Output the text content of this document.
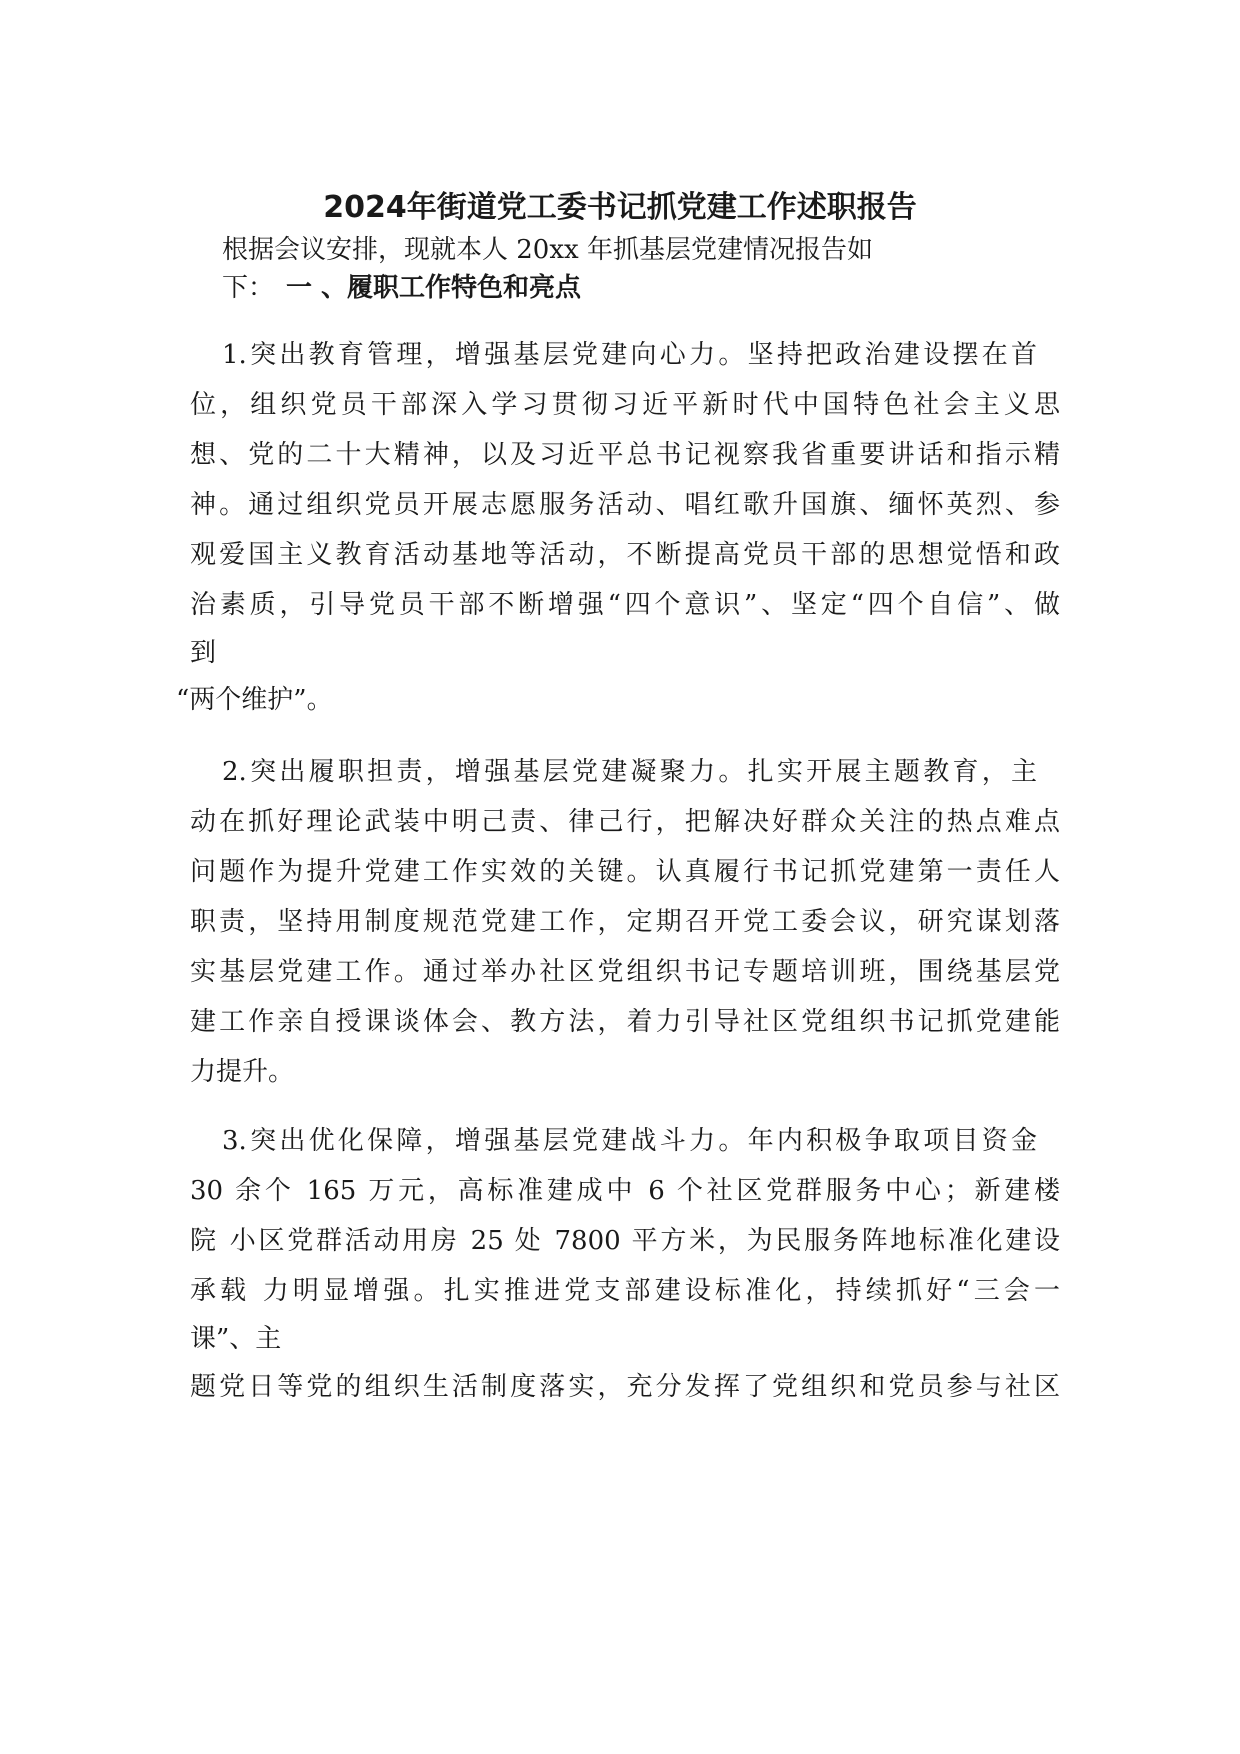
2024年街道党工委书记抓党建工作述职报告

根据会议安排，现就本人 20xx 年抓基层党建情况报告如

下： 一 、履职工作特色和亮点

1.突出教育管理，增强基层党建向心力。坚持把政治建设摆在首

位，组织党员干部深入学习贯彻习近平新时代中国特色社会主义思

想、党的二十大精神，以及习近平总书记视察我省重要讲话和指示精

神。通过组织党员开展志愿服务活动、唱红歌升国旗、缅怀英烈、参

观爱国主义教育活动基地等活动，不断提高党员干部的思想觉悟和政

治素质，引导党员干部不断增强“四个意识”、坚定“四个自信”、做

到

“两个维护”。

2.突出履职担责，增强基层党建凝聚力。扎实开展主题教育，主

动在抓好理论武装中明己责、律己行，把解决好群众关注的热点难点

问题作为提升党建工作实效的关键。认真履行书记抓党建第一责任人

职责，坚持用制度规范党建工作，定期召开党工委会议，研究谋划落

实基层党建工作。通过举办社区党组织书记专题培训班，围绕基层党

建工作亲自授课谈体会、教方法，着力引导社区党组织书记抓党建能

力提升。

3.突出优化保障，增强基层党建战斗力。年内积极争取项目资金

30 余个 165 万元，高标准建成中 6 个社区党群服务中心；新建楼

院 小区党群活动用房 25 处 7800 平方米，为民服务阵地标准化建设

承载 力明显增强。扎实推进党支部建设标准化，持续抓好“三会一

课”、主

题党日等党的组织生活制度落实，充分发挥了党组织和党员参与社区
